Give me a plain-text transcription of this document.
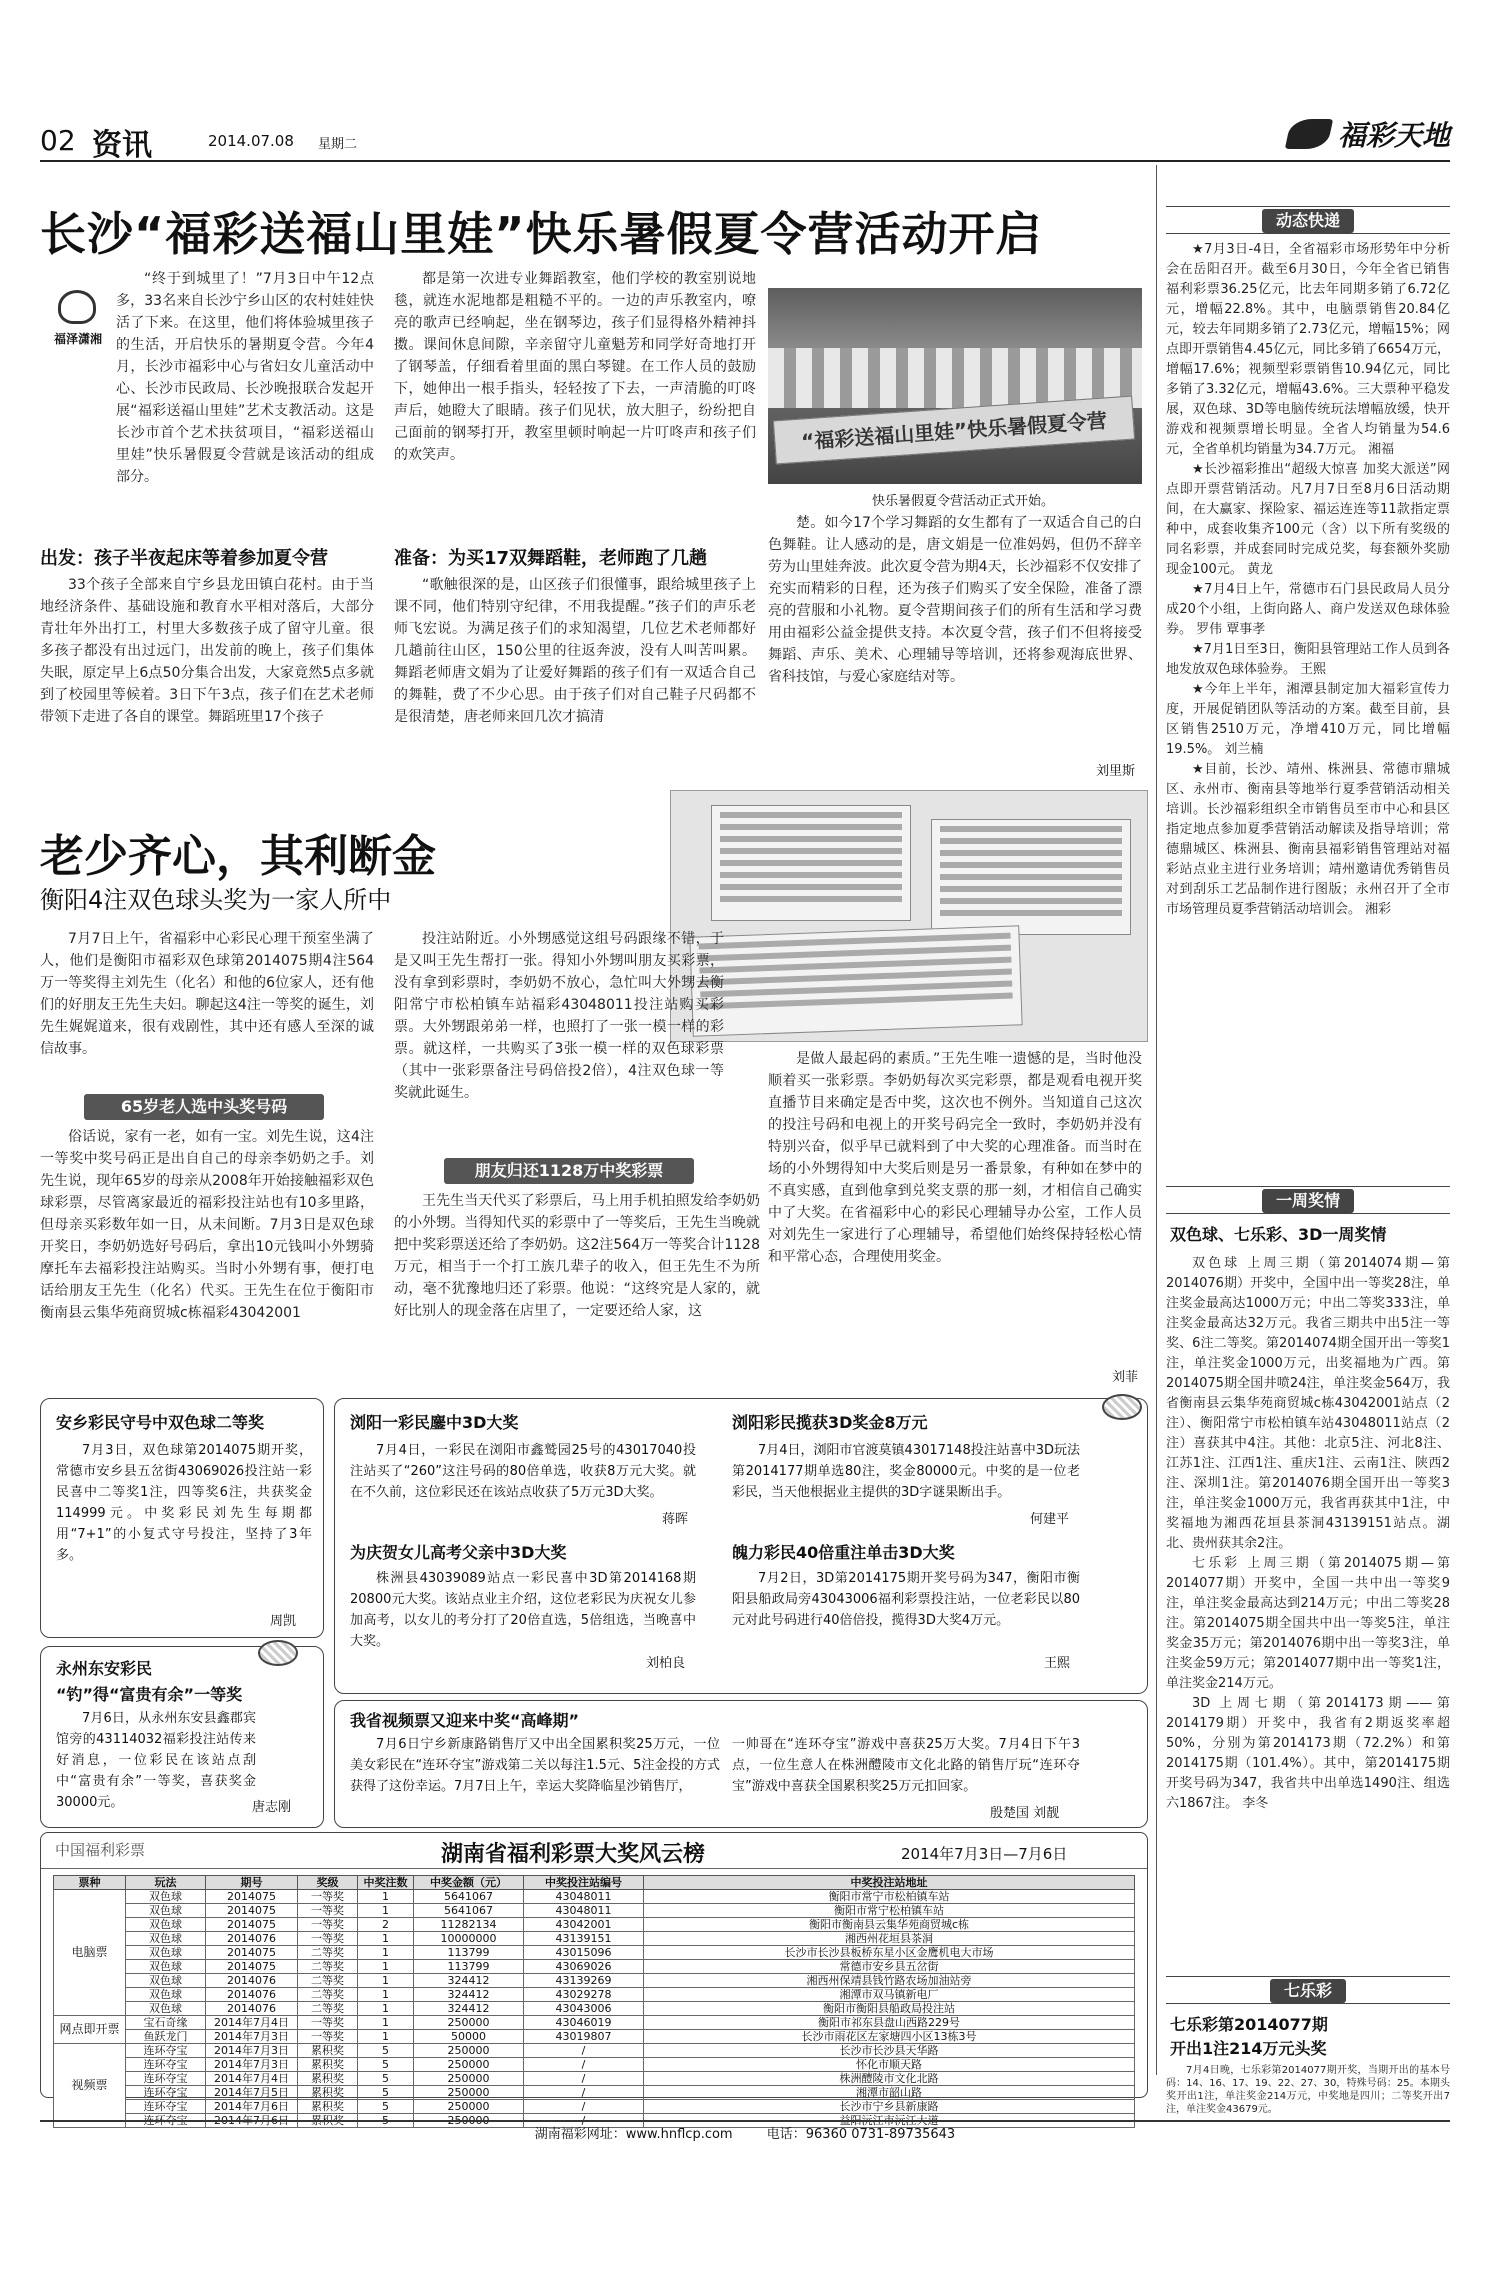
02 资讯	2014.07.08 星期二	福彩天地
长沙“福彩送福山里娃”快乐暑假夏令营活动开启
福泽潇湘
“终于到城里了！”7月3日中午12点多，33名来自长沙宁乡山区的农村娃娃快活了下来。在这里，他们将体验城里孩子的生活，开启快乐的暑期夏令营。今年4月，长沙市福彩中心与省妇女儿童活动中心、长沙市民政局、长沙晚报联合发起开展“福彩送福山里娃”艺术支教活动。这是长沙市首个艺术扶贫项目，“福彩送福山里娃”快乐暑假夏令营就是该活动的组成部分。
出发：孩子半夜起床等着参加夏令营
33个孩子全部来自宁乡县龙田镇白花村。由于当地经济条件、基础设施和教育水平相对落后，大部分青壮年外出打工，村里大多数孩子成了留守儿童。很多孩子都没有出过远门，出发前的晚上，孩子们集体失眠，原定早上6点50分集合出发，大家竟然5点多就到了校园里等候着。3日下午3点，孩子们在艺术老师带领下走进了各自的课堂。舞蹈班里17个孩子
都是第一次进专业舞蹈教室，他们学校的教室别说地毯，就连水泥地都是粗糙不平的。一边的声乐教室内，嘹亮的歌声已经响起，坐在钢琴边，孩子们显得格外精神抖擞。课间休息间隙，辛亲留守儿童魁芳和同学好奇地打开了钢琴盖，仔细看着里面的黑白琴键。在工作人员的鼓励下，她伸出一根手指头，轻轻按了下去，一声清脆的叮咚声后，她瞪大了眼睛。孩子们见状，放大胆子，纷纷把自己面前的钢琴打开，教室里顿时响起一片叮咚声和孩子们的欢笑声。
准备：为买17双舞蹈鞋，老师跑了几趟
“歌触很深的是，山区孩子们很懂事，跟给城里孩子上课不同，他们特别守纪律，不用我提醒。”孩子们的声乐老师飞宏说。为满足孩子们的求知渴望，几位艺术老师都好几趟前往山区，150公里的往返奔波，没有人叫苦叫累。舞蹈老师唐文娟为了让爱好舞蹈的孩子们有一双适合自己的舞鞋，费了不少心思。由于孩子们对自己鞋子尺码都不是很清楚，唐老师来回几次才搞清
“福彩送福山里娃”快乐暑假夏令营
快乐暑假夏令营活动正式开始。
楚。如今17个学习舞蹈的女生都有了一双适合自己的白色舞鞋。让人感动的是，唐文娟是一位准妈妈，但仍不辞辛劳为山里娃奔波。此次夏令营为期4天，长沙福彩不仅安排了充实而精彩的日程，还为孩子们购买了安全保险，准备了漂亮的营服和小礼物。夏令营期间孩子们的所有生活和学习费用由福彩公益金提供支持。本次夏令营，孩子们不但将接受舞蹈、声乐、美术、心理辅导等培训，还将参观海底世界、省科技馆，与爱心家庭结对等。
刘里斯
老少齐心，其利断金
衡阳4注双色球头奖为一家人所中
7月7日上午，省福彩中心彩民心理干预室坐满了人，他们是衡阳市福彩双色球第2014075期4注564万一等奖得主刘先生（化名）和他的6位家人，还有他们的好朋友王先生夫妇。聊起这4注一等奖的诞生，刘先生娓娓道来，很有戏剧性，其中还有感人至深的诚信故事。
65岁老人选中头奖号码
俗话说，家有一老，如有一宝。刘先生说，这4注一等奖中奖号码正是出自自己的母亲李奶奶之手。刘先生说，现年65岁的母亲从2008年开始接触福彩双色球彩票，尽管离家最近的福彩投注站也有10多里路，但母亲买彩数年如一日，从未间断。7月3日是双色球开奖日，李奶奶选好号码后，拿出10元钱叫小外甥骑摩托车去福彩投注站购买。当时小外甥有事，便打电话给朋友王先生（化名）代买。王先生在位于衡阳市衡南县云集华苑商贸城c栋福彩43042001
投注站附近。小外甥感觉这组号码跟缘不错，于是又叫王先生帮打一张。得知小外甥叫朋友买彩票，没有拿到彩票时，李奶奶不放心，急忙叫大外甥去衡阳常宁市松柏镇车站福彩43048011投注站购买彩票。大外甥跟弟弟一样，也照打了一张一模一样的彩票。就这样，一共购买了3张一模一样的双色球彩票（其中一张彩票备注号码倍投2倍），4注双色球一等奖就此诞生。
朋友归还1128万中奖彩票
王先生当天代买了彩票后，马上用手机拍照发给李奶奶的小外甥。当得知代买的彩票中了一等奖后，王先生当晚就把中奖彩票送还给了李奶奶。这2注564万一等奖合计1128万元，相当于一个打工族几辈子的收入，但王先生不为所动，毫不犹豫地归还了彩票。他说：“这终究是人家的，就好比别人的现金落在店里了，一定要还给人家，这
是做人最起码的素质。”王先生唯一遗憾的是，当时他没顺着买一张彩票。李奶奶每次买完彩票，都是观看电视开奖直播节目来确定是否中奖，这次也不例外。当知道自己这次的投注号码和电视上的开奖号码完全一致时，李奶奶并没有特别兴奋，似乎早已就料到了中大奖的心理准备。而当时在场的小外甥得知中大奖后则是另一番景象，有种如在梦中的不真实感，直到他拿到兑奖支票的那一刻，才相信自己确实中了大奖。在省福彩中心的彩民心理辅导办公室，工作人员对刘先生一家进行了心理辅导，希望他们始终保持轻松心情和平常心态，合理使用奖金。
刘菲
安乡彩民守号中双色球二等奖
7月3日，双色球第2014075期开奖，常德市安乡县五岔街43069026投注站一彩民喜中二等奖1注，四等奖6注，共获奖金114999元。中奖彩民刘先生每期都用“7+1”的小复式守号投注，坚持了3年多。
周凯
永州东安彩民
“钓”得“富贵有余”一等奖
7月6日，从永州东安县鑫郡宾馆旁的43114032福彩投注站传来好消息，一位彩民在该站点刮中“富贵有余”一等奖，喜获奖金30000元。	唐志刚
浏阳一彩民鏖中3D大奖
7月4日，一彩民在浏阳市鑫鹫园25号的43017040投注站买了“260”这注号码的80倍单选，收获8万元大奖。就在不久前，这位彩民还在该站点收获了5万元3D大奖。
蒋晖
浏阳彩民揽获3D奖金8万元
7月4日，浏阳市官渡莫镇43017148投注站喜中3D玩法第2014177期单选80注，奖金80000元。中奖的是一位老彩民，当天他根据业主提供的3D字谜果断出手。
何建平
为庆贺女儿高考父亲中3D大奖
株洲县43039089站点一彩民喜中3D第2014168期20800元大奖。该站点业主介绍，这位老彩民为庆祝女儿参加高考，以女儿的考分打了20倍直选，5倍组选，当晚喜中大奖。
刘柏良
魄力彩民40倍重注单击3D大奖
7月2日，3D第2014175期开奖号码为347，衡阳市衡阳县船政局旁43043006福利彩票投注站，一位老彩民以80元对此号码进行40倍倍投，揽得3D大奖4万元。
王熙
我省视频票又迎来中奖“高峰期”
7月6日宁乡新康路销售厅又中出全国累积奖25万元，一位美女彩民在“连环夺宝”游戏第二关以每注1.5元、5注金投的方式获得了这份幸运。7月7日上午，幸运大奖降临星沙销售厅，
一帅哥在“连环夺宝”游戏中喜获25万大奖。7月4日下午3点，一位生意人在株洲醴陵市文化北路的销售厅玩“连环夺宝”游戏中喜获全国累积奖25万元扣回家。
殷楚国 刘靓
动态快递

★7月3日-4日，全省福彩市场形势年中分析会在岳阳召开。截至6月30日，今年全省已销售福利彩票36.25亿元，比去年同期多销了6.72亿元，增幅22.8%。其中，电脑票销售20.84亿元，较去年同期多销了2.73亿元，增幅15%；网点即开票销售4.45亿元，同比多销了6654万元，增幅17.6%；视频型彩票销售10.94亿元，同比多销了3.32亿元，增幅43.6%。三大票种平稳发展，双色球、3D等电脑传统玩法增幅放缓，快开游戏和视频票增长明显。全省人均销量为54.6元，全省单机均销量为34.7万元。 湘福

★长沙福彩推出“超级大惊喜 加奖大派送”网点即开票营销活动。凡7月7日至8月6日活动期间，在大赢家、探险家、福运连连等11款指定票种中，成套收集齐100元（含）以下所有奖级的同名彩票，并成套同时完成兑奖，每套额外奖励现金100元。 黄龙

★7月4日上午，常德市石门县民政局人员分成20个小组，上街向路人、商户发送双色球体验券。 罗伟 覃事孝

★7月1日至3日，衡阳县管理站工作人员到各地发放双色球体验券。 王熙

★今年上半年，湘潭县制定加大福彩宣传力度，开展促销团队等活动的方案。截至目前，县区销售2510万元，净增410万元，同比增幅19.5%。 刘兰楠

★目前，长沙、靖州、株洲县、常德市鼎城区、永州市、衡南县等地举行夏季营销活动相关培训。长沙福彩组织全市销售员至市中心和县区指定地点参加夏季营销活动解读及指导培训；常德鼎城区、株洲县、衡南县福彩销售管理站对福彩站点业主进行业务培训；靖州邀请优秀销售员对到刮乐工艺品制作进行图版；永州召开了全市市场管理员夏季营销活动培训会。 湘彩

一周奖情
双色球、七乐彩、3D一周奖情

双色球 上周三期（第2014074期—第2014076期）开奖中，全国中出一等奖28注，单注奖金最高达1000万元；中出二等奖333注，单注奖金最高达32万元。我省三期共中出5注一等奖、6注二等奖。第2014074期全国开出一等奖1注，单注奖金1000万元，出奖福地为广西。第2014075期全国井喷24注，单注奖金564万，我省衡南县云集华苑商贸城c栋43042001站点（2注）、衡阳常宁市松柏镇车站43048011站点（2注）喜获其中4注。其他：北京5注、河北8注、江苏1注、江西1注、重庆1注、云南1注、陕西2注、深圳1注。第2014076期全国开出一等奖3注，单注奖金1000万元，我省再获其中1注，中奖福地为湘西花垣县茶洞43139151站点。湖北、贵州获其余2注。

七乐彩 上周三期（第2014075期—第2014077期）开奖中，全国一共中出一等奖9注，单注奖金最高达到214万元；中出二等奖28注。第2014075期全国共中出一等奖5注，单注奖金35万元；第2014076期中出一等奖3注，单注奖金59万元；第2014077期中出一等奖1注，单注奖金214万元。

3D 上周七期（第2014173期——第2014179期）开奖中，我省有2期返奖率超50%，分别为第2014173期（72.2%）和第2014175期（101.4%）。其中，第2014175期开奖号码为347，我省共中出单选1490注、组选六1867注。 李冬

七乐彩
七乐彩第2014077期
开出1注214万元头奖

7月4日晚，七乐彩第2014077期开奖，当期开出的基本号码：14、16、17、19、22、27、30，特殊号码：25。本期头奖开出1注，单注奖金214万元，中奖地是四川；二等奖开出7注，单注奖金43679元。

中国福利彩票	湖南省福利彩票大奖风云榜	2014年7月3日—7月6日
票种	玩法	期号	奖级	中奖注数	中奖金额（元）	中奖投注站编号	中奖投注站地址
电脑票	双色球	2014075	一等奖	1	5641067	43048011	衡阳市常宁市松柏镇车站
	双色球	2014075	一等奖	1	5641067	43048011	衡阳市常宁松柏镇车站
	双色球	2014075	一等奖	2	11282134	43042001	衡阳市衡南县云集华苑商贸城c栋
	双色球	2014076	一等奖	1	10000000	43139151	湘西州花垣县茶洞
	双色球	2014075	二等奖	1	113799	43015096	长沙市长沙县板桥东星小区金鹰机电大市场
	双色球	2014075	二等奖	1	113799	43069026	常德市安乡县五岔街
	双色球	2014076	二等奖	1	324412	43139269	湘西州保靖县钱竹路农场加油站旁
	双色球	2014076	二等奖	1	324412	43029278	湘潭市双马镇新电厂
	双色球	2014076	二等奖	1	324412	43043006	衡阳市衡阳县船政局投注站
网点即开票	宝石奇缘	2014年7月4日	一等奖	1	250000	43046019	衡阳市祁东县盘山西路229号
	鱼跃龙门	2014年7月3日	一等奖	1	50000	43019807	长沙市雨花区左家塘四小区13栋3号
视频票	连环夺宝	2014年7月3日	累积奖	5	250000	/	长沙市长沙县天华路
	连环夺宝	2014年7月3日	累积奖	5	250000	/	怀化市顺天路
	连环夺宝	2014年7月4日	累积奖	5	250000	/	株洲醴陵市文化北路
	连环夺宝	2014年7月5日	累积奖	5	250000	/	湘潭市韶山路
	连环夺宝	2014年7月6日	累积奖	5	250000	/	长沙市宁乡县新康路
	连环夺宝	2014年7月6日	累积奖	5	250000	/	益阳沅江市沅江大道
湖南福彩网址：www.hnflcp.com	电话：96360 0731-89735643
